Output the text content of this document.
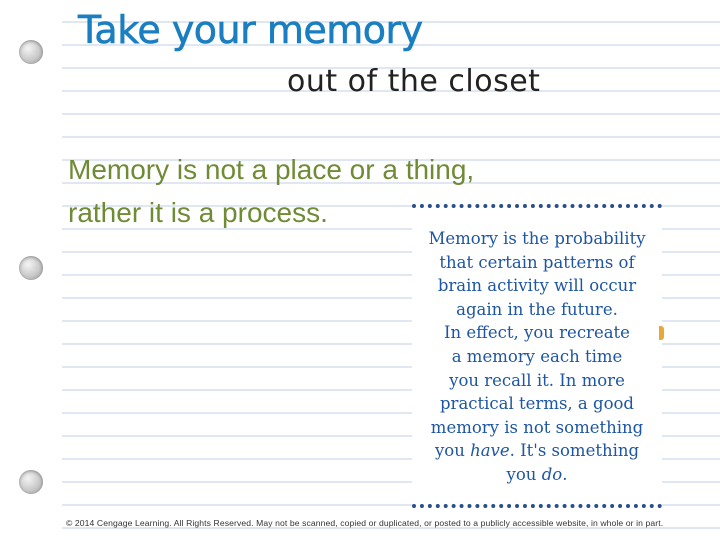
Take your memory
out of the closet

Memory is not a place or a thing,
rather it is a process.

Memory is the probability
that certain patterns of
brain activity will occur
again in the future.
In effect, you recreate
a memory each time
you recall it. In more
practical terms, a good
memory is not something
you have. It's something
you do.

© 2014 Cengage Learning. All Rights Reserved. May not be scanned, copied or duplicated, or posted to a publicly accessible website, in whole or in part.
